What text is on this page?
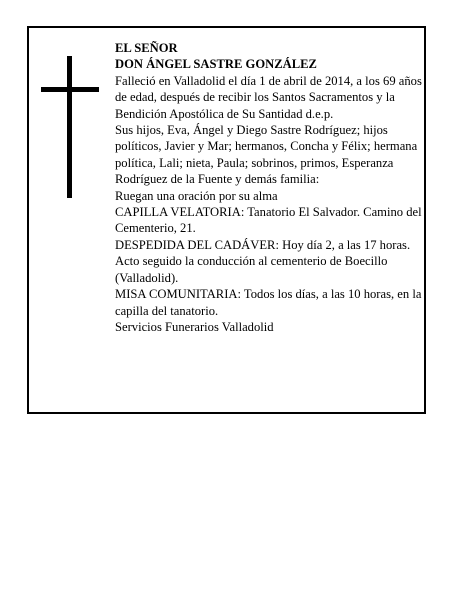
EL SEÑOR

DON ÁNGEL SASTRE GONZÁLEZ

Falleció en Valladolid el día 1 de abril de 2014, a los 69 años de edad, después de recibir los Santos Sacramentos y la Bendición Apostólica de Su Santidad d.e.p.

Sus hijos, Eva, Ángel y Diego Sastre Rodríguez; hijos políticos, Javier y Mar; hermanos, Concha y Félix; hermana política, Lali; nieta, Paula; sobrinos, primos, Esperanza Rodríguez de la Fuente y demás familia:

Ruegan una oración por su alma

CAPILLA VELATORIA: Tanatorio El Salvador. Camino del Cementerio, 21.

DESPEDIDA DEL CADÁVER: Hoy día 2, a las 17 horas. Acto seguido la conducción al cementerio de Boecillo (Valladolid).

MISA COMUNITARIA: Todos los días, a las 10 horas, en la capilla del tanatorio.

Servicios Funerarios Valladolid
